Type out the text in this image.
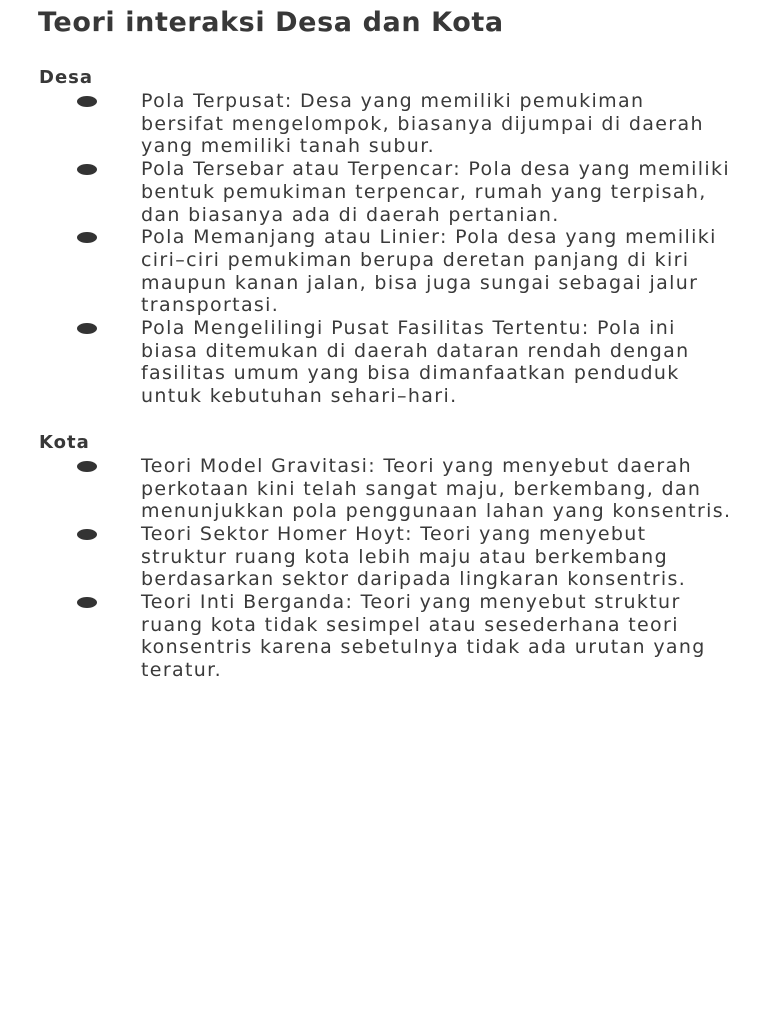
Teori interaksi Desa dan Kota
Desa
Pola Terpusat: Desa yang memiliki pemukiman bersifat mengelompok, biasanya dijumpai di daerah yang memiliki tanah subur.
Pola Tersebar atau Terpencar: Pola desa yang memiliki bentuk pemukiman terpencar, rumah yang terpisah, dan biasanya ada di daerah pertanian.
Pola Memanjang atau Linier: Pola desa yang memiliki ciri–ciri pemukiman berupa deretan panjang di kiri maupun kanan jalan, bisa juga sungai sebagai jalur transportasi.
Pola Mengelilingi Pusat Fasilitas Tertentu: Pola ini biasa ditemukan di daerah dataran rendah dengan fasilitas umum yang bisa dimanfaatkan penduduk untuk kebutuhan sehari–hari.
Kota
Teori Model Gravitasi: Teori yang menyebut daerah perkotaan kini telah sangat maju, berkembang, dan menunjukkan pola penggunaan lahan yang konsentris.
Teori Sektor Homer Hoyt: Teori yang menyebut struktur ruang kota lebih maju atau berkembang berdasarkan sektor daripada lingkaran konsentris.
Teori Inti Berganda: Teori yang menyebut struktur ruang kota tidak sesimpel atau sesederhana teori konsentris karena sebetulnya tidak ada urutan yang teratur.
